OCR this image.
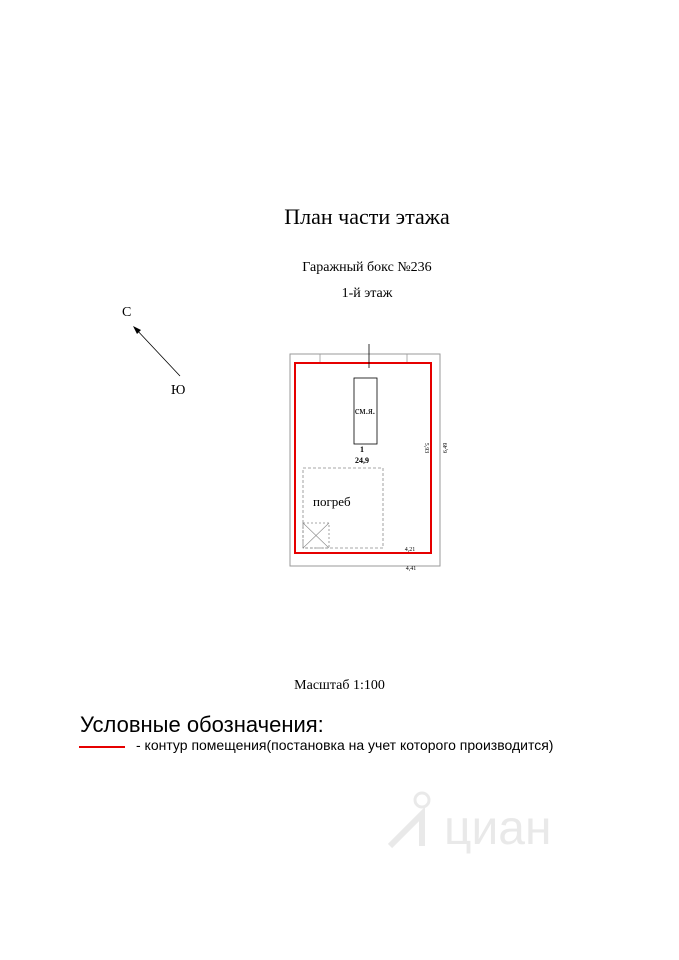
План части этажа
Гаражный бокс №236
1-й этаж
С
Ю
см.я.
1
24,9
погреб
5,93 6,49
4,21
4,41
Масштаб 1:100
Условные обозначения:
- контур помещения(постановка на учет которого производится)
циан
